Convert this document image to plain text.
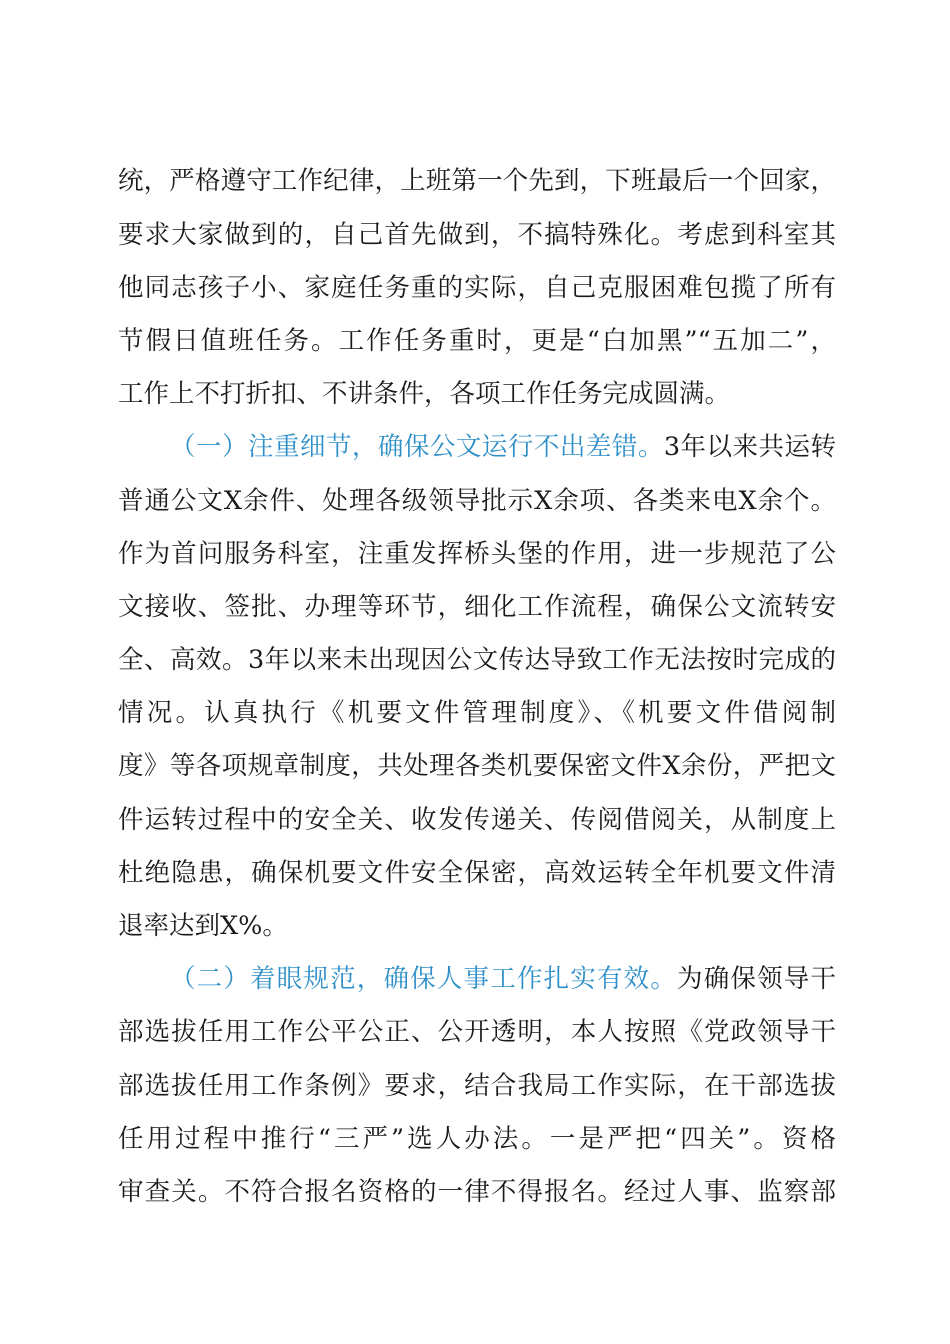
统，严格遵守工作纪律，上班第一个先到，下班最后一个回家，
要求大家做到的，自己首先做到，不搞特殊化。考虑到科室其
他同志孩子小、家庭任务重的实际，自己克服困难包揽了所有
节假日值班任务。工作任务重时，更是“白加黑”“五加二”，
工作上不打折扣、不讲条件，各项工作任务完成圆满。
（一）注重细节，确保公文运行不出差错。3年以来共运转
普通公文X余件、处理各级领导批示X余项、各类来电X余个。
作为首问服务科室，注重发挥桥头堡的作用，进一步规范了公
文接收、签批、办理等环节，细化工作流程，确保公文流转安
全、高效。3年以来未出现因公文传达导致工作无法按时完成的
情况。认真执行《机要文件管理制度》、《机要文件借阅制
度》等各项规章制度，共处理各类机要保密文件X余份，严把文
件运转过程中的安全关、收发传递关、传阅借阅关，从制度上
杜绝隐患，确保机要文件安全保密，高效运转全年机要文件清
退率达到X%。
（二）着眼规范，确保人事工作扎实有效。为确保领导干
部选拔任用工作公平公正、公开透明，本人按照《党政领导干
部选拔任用工作条例》要求，结合我局工作实际，在干部选拔
任用过程中推行“三严”选人办法。一是严把“四关”。资格
审查关。不符合报名资格的一律不得报名。经过人事、监察部
